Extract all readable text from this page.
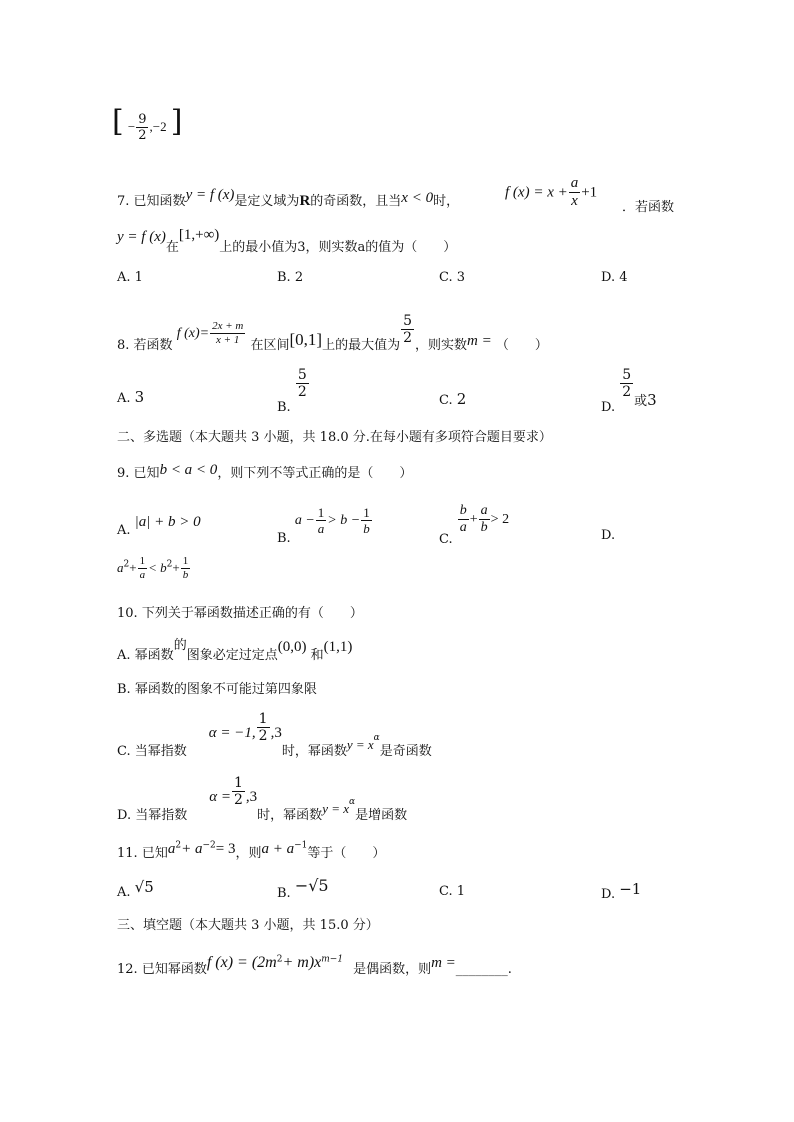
[ − $\frac{9}{2} ,-2$ ]
7. 已知函数y = f (x)是定义域为R的奇函数，且当x < 0时，
f $(x) = x + \frac{a}{x} +1$
．若函数
y = f (x)在[1,+∞)上的最小值为3，则实数a的值为（　　）
A. 1	B. 2	C. 3	D. 4
8. 若函数 f $(x)= \frac{2x + m}{x + 1}$ 在区间[0,1]上的最大值为
$\frac{5}{2}$
，则实数m = （　　）
A. 3
B.
$\frac{5}{2}$
C. 2	D.
$\frac{5}{2}$
或3
二、多选题（本大题共 3 小题，共 18.0 分.在每小题有多项符合题目要求）
9. 已知b < a < 0，则下列不等式正确的是（　　）
A. |a| + b > 0
B. $a - \frac{1}{a} > b - \frac{1}{b}$
C.
$\frac{b}{a} + \frac{a}{b} > 2$
D.
$a^2+ \frac{1}{a} < b^2+ \frac{1}{b}$
10. 下列关于幂函数描述正确的有（　　）
A. 幂函数的图象必定过定点(0,0) 和(1,1)
B. 幂函数的图象不可能过第四象限
C. 当幂指数α = −1, $\frac{1}{2} ,3$时，幂函数$y = x_\alpha$是奇函数
D. 当幂指数$\alpha = \frac{1}{2} ,3$时，幂函数$y = x_\alpha$是增函数
11. 已知$a^2+ a^{-2}= 3$，则$a + a^{-1}$等于（　　）
A. √5	B. −√5	C. 1	D. −1
三、填空题（本大题共 3 小题，共 15.0 分）
12. 已知幂函数f $(x) = (2m^2+ m)x^{m-1}$是偶函数，则m =________.
